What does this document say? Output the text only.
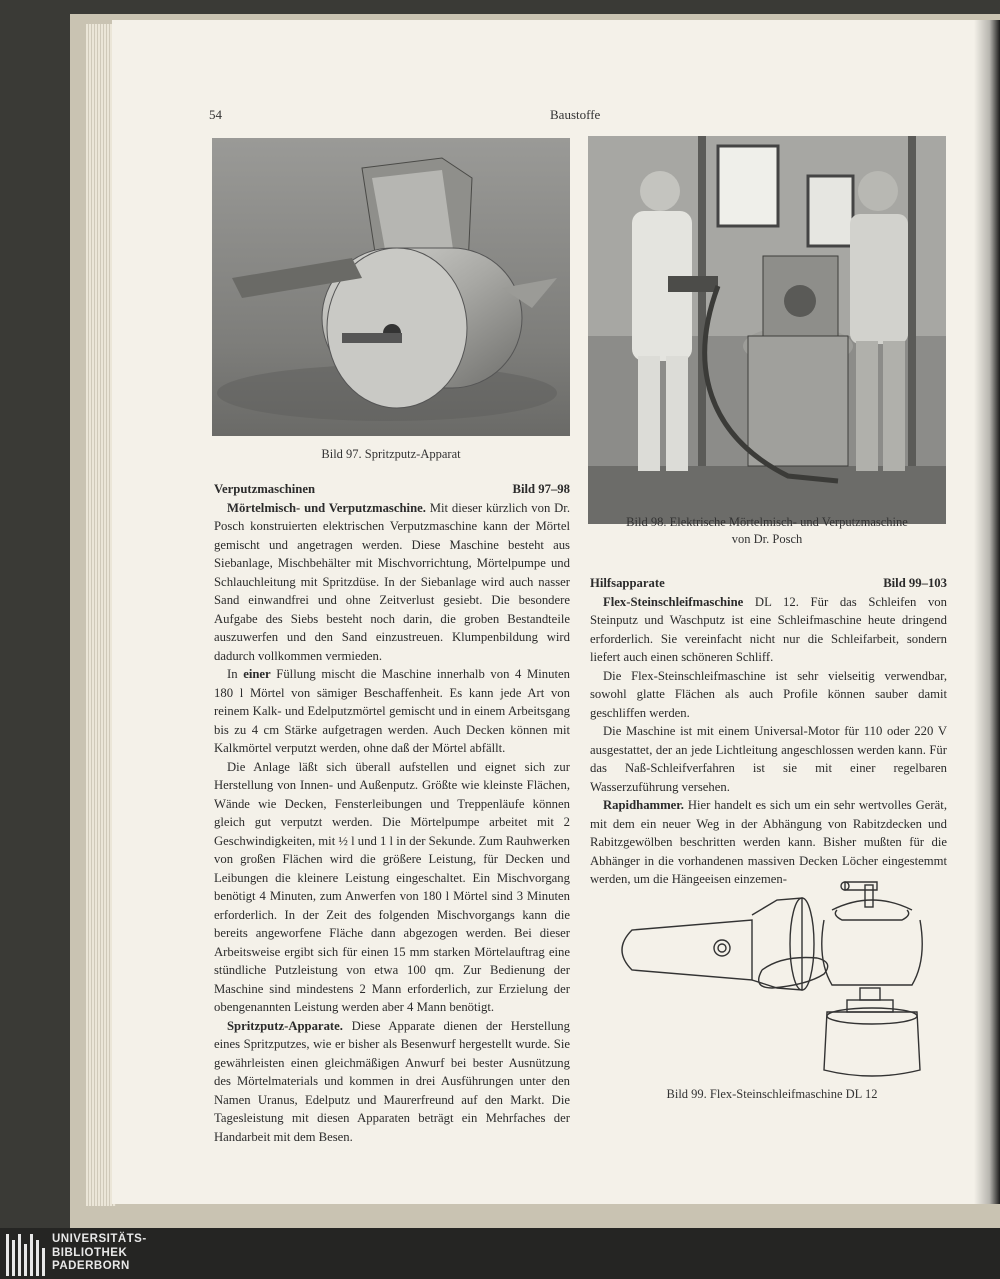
54	Baustoffe
Bild 97. Spritzputz-Apparat
Bild 98. Elektrische Mörtelmisch- und Verputzmaschine
von Dr. Posch
Verputzmaschinen	Bild 97–98

Mörtelmisch- und Verputzmaschine. Mit dieser kürzlich von Dr. Posch konstruierten elektrischen Verputzmaschine kann der Mörtel gemischt und angetragen werden. Diese Maschine besteht aus Siebanlage, Mischbehälter mit Mischvorrichtung, Mörtelpumpe und Schlauchleitung mit Spritzdüse. In der Siebanlage wird auch nasser Sand einwandfrei und ohne Zeitverlust gesiebt. Die besondere Aufgabe des Siebs besteht noch darin, die groben Bestandteile auszuwerfen und den Sand einzustreuen. Klumpenbildung wird dadurch vollkommen vermieden.

In einer Füllung mischt die Maschine innerhalb von 4 Minuten 180 l Mörtel von sämiger Beschaffenheit. Es kann jede Art von reinem Kalk- und Edelputzmörtel gemischt und in einem Arbeitsgang bis zu 4 cm Stärke aufgetragen werden. Auch Decken können mit Kalkmörtel verputzt werden, ohne daß der Mörtel abfällt.

Die Anlage läßt sich überall aufstellen und eignet sich zur Herstellung von Innen- und Außenputz. Größte wie kleinste Flächen, Wände wie Decken, Fensterleibungen und Treppenläufe können gleich gut verputzt werden. Die Mörtelpumpe arbeitet mit 2 Geschwindigkeiten, mit ½ l und 1 l in der Sekunde. Zum Rauhwerken von großen Flächen wird die größere Leistung, für Decken und Leibungen die kleinere Leistung eingeschaltet. Ein Mischvorgang benötigt 4 Minuten, zum Anwerfen von 180 l Mörtel sind 3 Minuten erforderlich. In der Zeit des folgenden Mischvorgangs kann die bereits angeworfene Fläche dann abgezogen werden. Bei dieser Arbeitsweise ergibt sich für einen 15 mm starken Mörtelauftrag eine stündliche Putzleistung von etwa 100 qm. Zur Bedienung der Maschine sind mindestens 2 Mann erforderlich, zur Erzielung der obengenannten Leistung werden aber 4 Mann benötigt.

Spritzputz-Apparate. Diese Apparate dienen der Herstellung eines Spritzputzes, wie er bisher als Besenwurf hergestellt wurde. Sie gewährleisten einen gleichmäßigen Anwurf bei bester Ausnützung des Mörtelmaterials und kommen in drei Ausführungen unter den Namen Uranus, Edelputz und Maurerfreund auf den Markt. Die Tagesleistung mit diesen Apparaten beträgt ein Mehrfaches der Handarbeit mit dem Besen.

Hilfsapparate	Bild 99–103

Flex-Steinschleifmaschine DL 12. Für das Schleifen von Steinputz und Waschputz ist eine Schleifmaschine heute dringend erforderlich. Sie vereinfacht nicht nur die Schleifarbeit, sondern liefert auch einen schöneren Schliff.

Die Flex-Steinschleifmaschine ist sehr vielseitig verwendbar, sowohl glatte Flächen als auch Profile können sauber damit geschliffen werden.

Die Maschine ist mit einem Universal-Motor für 110 oder 220 V ausgestattet, der an jede Lichtleitung angeschlossen werden kann. Für das Naß-Schleifverfahren ist sie mit einer regelbaren Wasserzuführung versehen.

Rapidhammer. Hier handelt es sich um ein sehr wertvolles Gerät, mit dem ein neuer Weg in der Abhängung von Rabitzdecken und Rabitzgewölben beschritten werden kann. Bisher mußten für die Abhänger in die vorhandenen massiven Decken Löcher eingestemmt werden, um die Hängeeisen einzemen-

Bild 99. Flex-Steinschleifmaschine DL 12
UNIVERSITÄTS-
BIBLIOTHEK
PADERBORN
